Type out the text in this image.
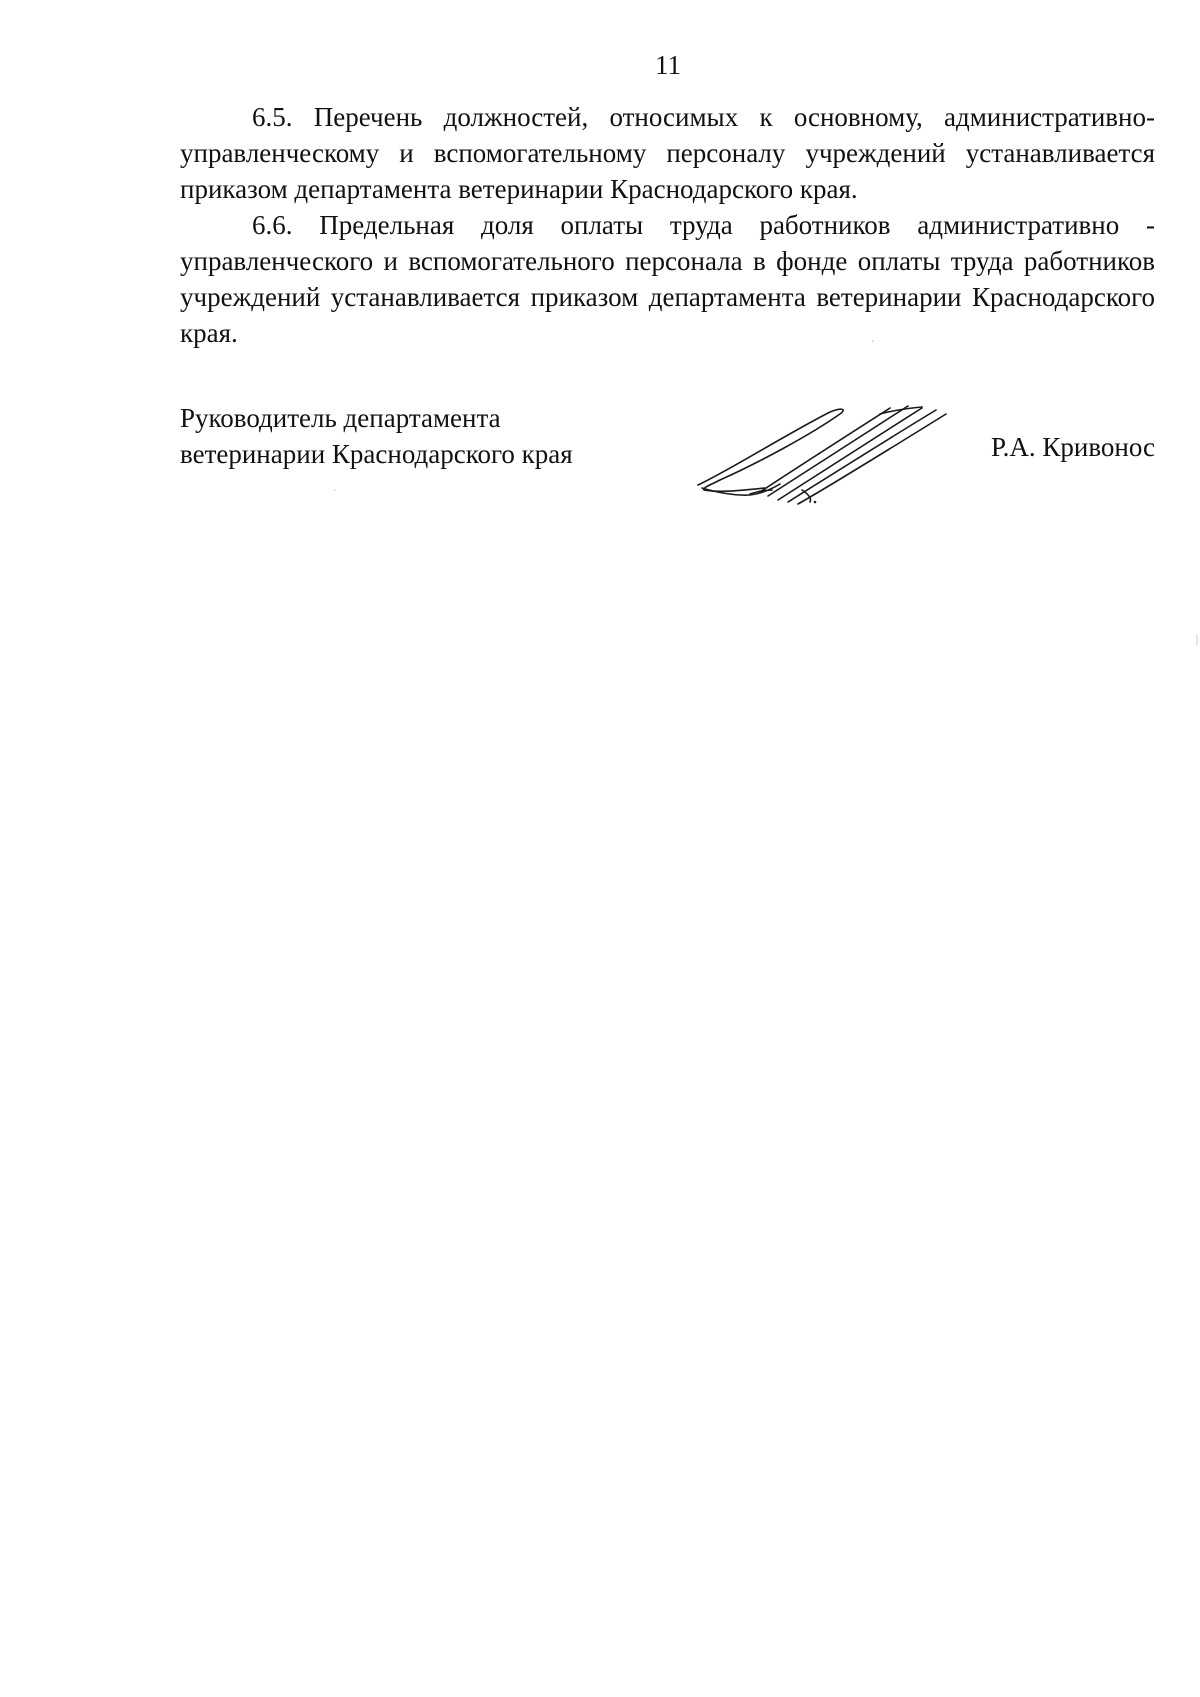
11

6.5. Перечень должностей, относимых к основному, административно-управленческому и вспомогательному персоналу учреждений устанавливается приказом департамента ветеринарии Краснодарского края.

6.6. Предельная доля оплаты труда работников административно - управленческого и вспомогательного персонала в фонде оплаты труда работников учреждений устанавливается приказом департамента ветеринарии Краснодарского края.

Руководитель департамента
ветеринарии Краснодарского края	Р.А. Кривонос
